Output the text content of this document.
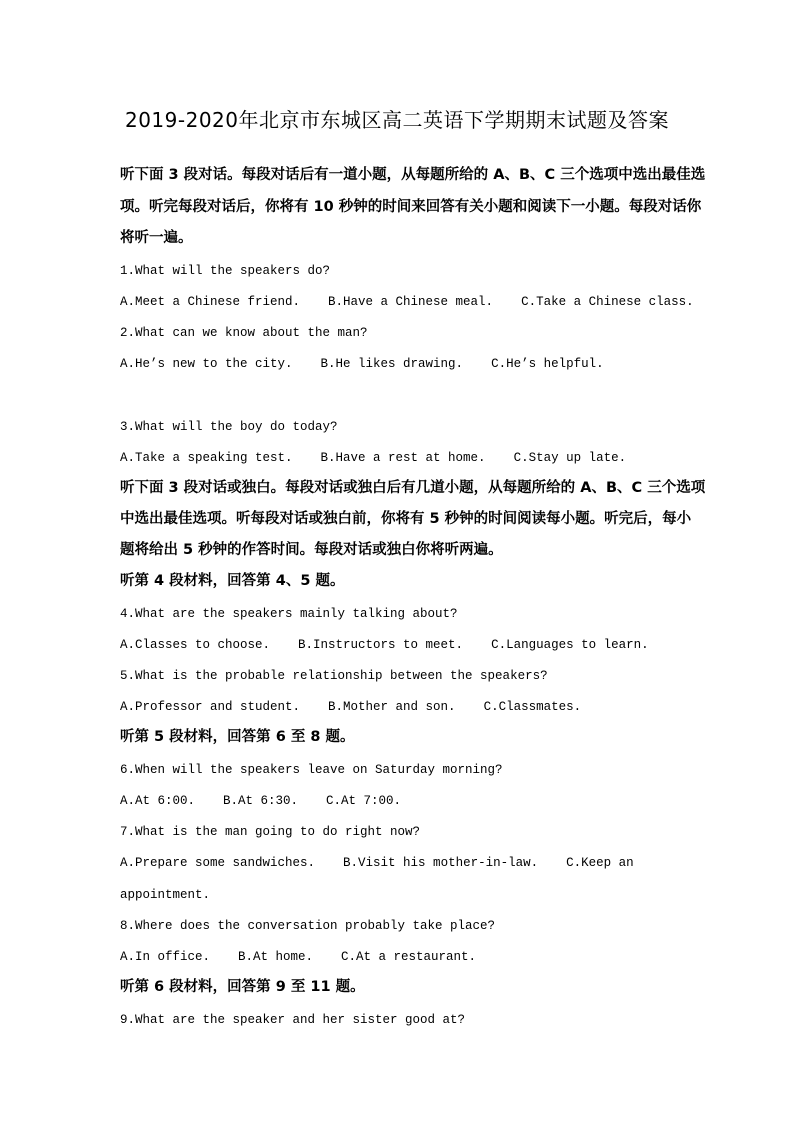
2019-2020年北京市东城区高二英语下学期期末试题及答案
听下面 3 段对话。每段对话后有一道小题，从每题所给的 A、B、C 三个选项中选出最佳选
项。听完每段对话后，你将有 10 秒钟的时间来回答有关小题和阅读下一小题。每段对话你
将听一遍。
1.What will the speakers do?
A.Meet a Chinese friend. B.Have a Chinese meal. C.Take a Chinese class.
2.What can we know about the man?
A.He’s new to the city. B.He likes drawing. C.He’s helpful.
3.What will the boy do today?
A.Take a speaking test. B.Have a rest at home. C.Stay up late.
听下面 3 段对话或独白。每段对话或独白后有几道小题，从每题所给的 A、B、C 三个选项
中选出最佳选项。听每段对话或独白前，你将有 5 秒钟的时间阅读每小题。听完后，每小
题将给出 5 秒钟的作答时间。每段对话或独白你将听两遍。
听第 4 段材料，回答第 4、5 题。
4.What are the speakers mainly talking about?
A.Classes to choose. B.Instructors to meet. C.Languages to learn.
5.What is the probable relationship between the speakers?
A.Professor and student. B.Mother and son. C.Classmates.
听第 5 段材料，回答第 6 至 8 题。
6.When will the speakers leave on Saturday morning?
A.At 6:00. B.At 6:30. C.At 7:00.
7.What is the man going to do right now?
A.Prepare some sandwiches. B.Visit his mother-in-law. C.Keep an
appointment.
8.Where does the conversation probably take place?
A.In office. B.At home. C.At a restaurant.
听第 6 段材料，回答第 9 至 11 题。
9.What are the speaker and her sister good at?
